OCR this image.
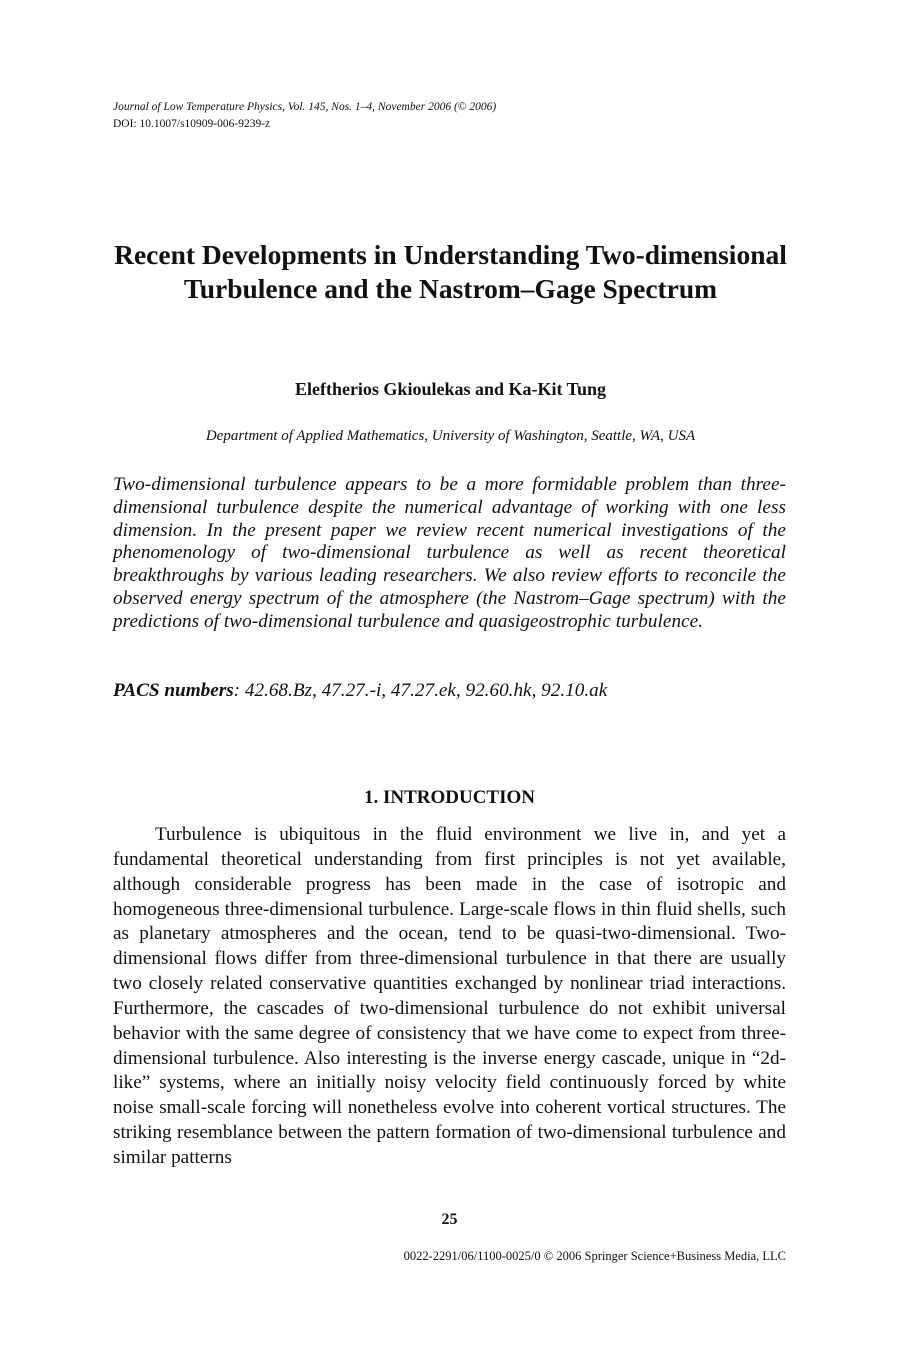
Journal of Low Temperature Physics, Vol. 145, Nos. 1–4, November 2006 (© 2006)
DOI: 10.1007/s10909-006-9239-z
Recent Developments in Understanding Two-dimensional Turbulence and the Nastrom–Gage Spectrum
Eleftherios Gkioulekas and Ka-Kit Tung
Department of Applied Mathematics, University of Washington, Seattle, WA, USA
Two-dimensional turbulence appears to be a more formidable problem than three-dimensional turbulence despite the numerical advantage of working with one less dimension. In the present paper we review recent numerical investigations of the phenomenology of two-dimensional turbulence as well as recent theoretical breakthroughs by various leading researchers. We also review efforts to reconcile the observed energy spectrum of the atmosphere (the Nastrom–Gage spectrum) with the predictions of two-dimensional turbulence and quasigeostrophic turbulence.
PACS numbers: 42.68.Bz, 47.27.-i, 47.27.ek, 92.60.hk, 92.10.ak
1. INTRODUCTION
Turbulence is ubiquitous in the fluid environment we live in, and yet a fundamental theoretical understanding from first principles is not yet available, although considerable progress has been made in the case of isotropic and homogeneous three-dimensional turbulence. Large-scale flows in thin fluid shells, such as planetary atmospheres and the ocean, tend to be quasi-two-dimensional. Two-dimensional flows differ from three-dimensional turbulence in that there are usually two closely related conservative quantities exchanged by nonlinear triad interactions. Furthermore, the cascades of two-dimensional turbulence do not exhibit universal behavior with the same degree of consistency that we have come to expect from three-dimensional turbulence. Also interesting is the inverse energy cascade, unique in “2d-like” systems, where an initially noisy velocity field continuously forced by white noise small-scale forcing will nonetheless evolve into coherent vortical structures. The striking resemblance between the pattern formation of two-dimensional turbulence and similar patterns
25
0022-2291/06/1100-0025/0 © 2006 Springer Science+Business Media, LLC
